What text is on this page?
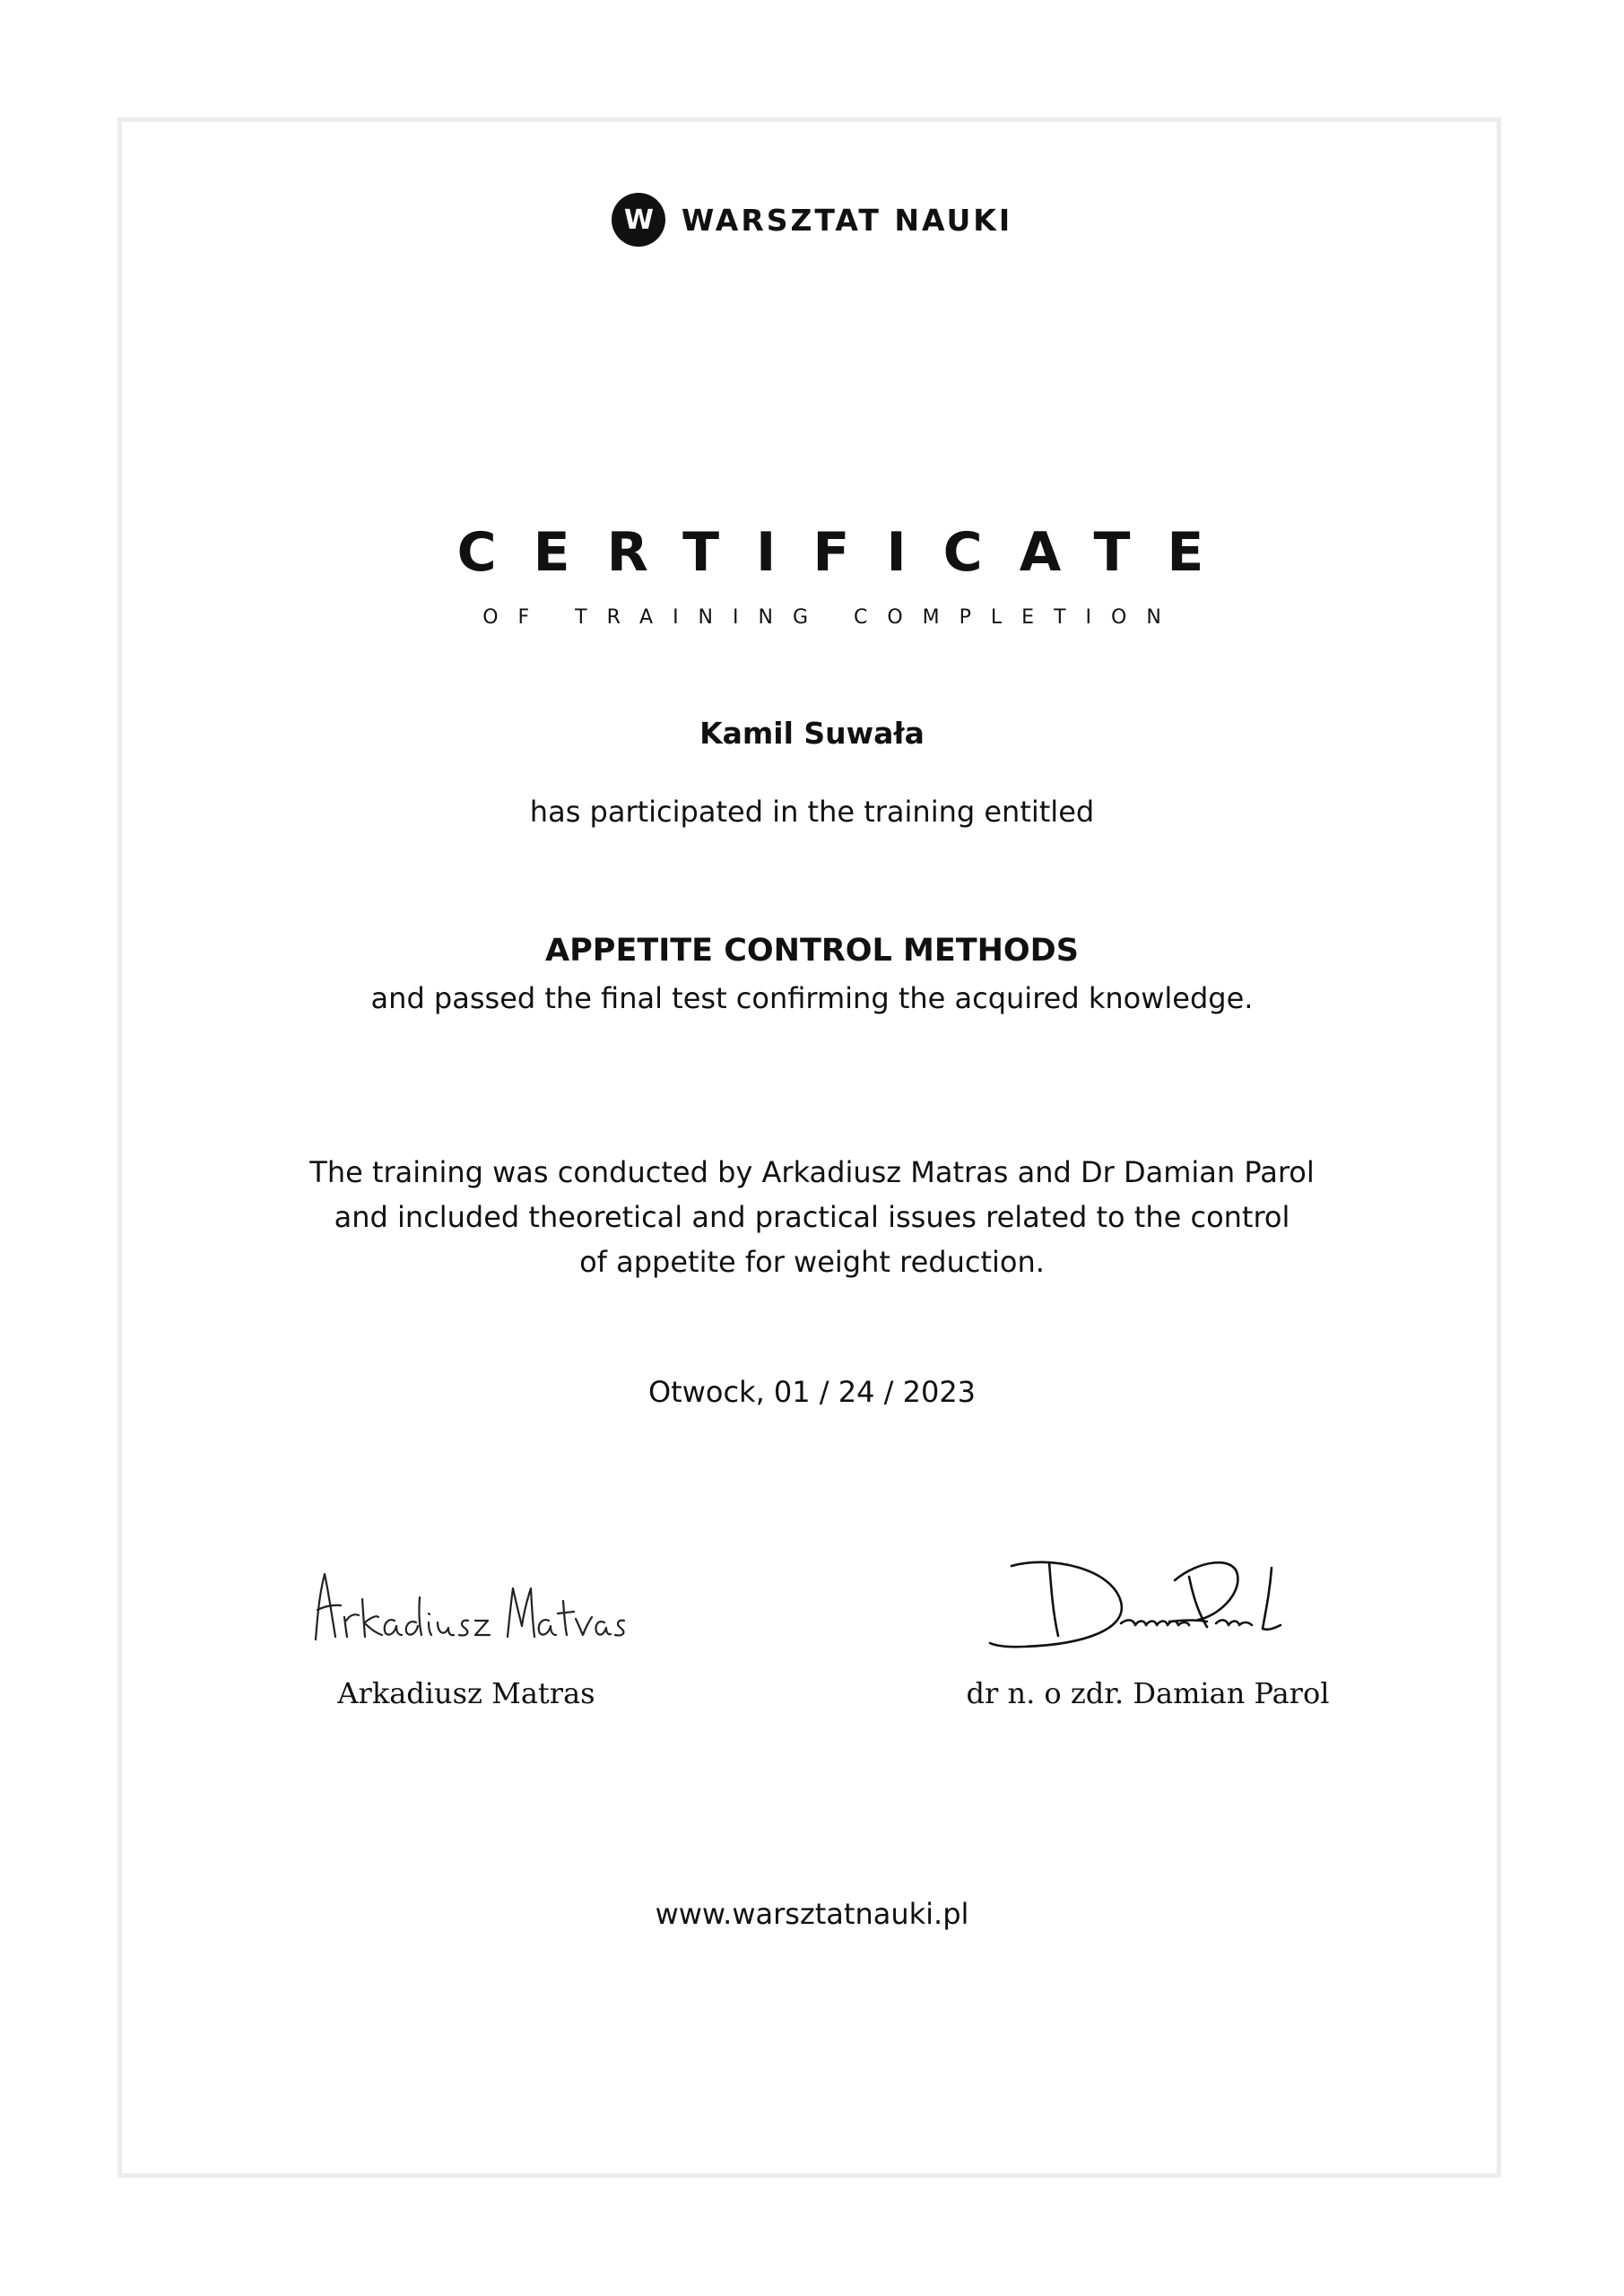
W WARSZTAT NAUKI
CERTIFICATE
OF TRAINING COMPLETION
Kamil Suwała
has participated in the training entitled
APPETITE CONTROL METHODS
and passed the final test confirming the acquired knowledge.
The training was conducted by Arkadiusz Matras and Dr Damian Parol
and included theoretical and practical issues related to the control
of appetite for weight reduction.
Otwock, 01 / 24 / 2023
Arkadiusz Matras	dr n. o zdr. Damian Parol
www.warsztatnauki.pl
